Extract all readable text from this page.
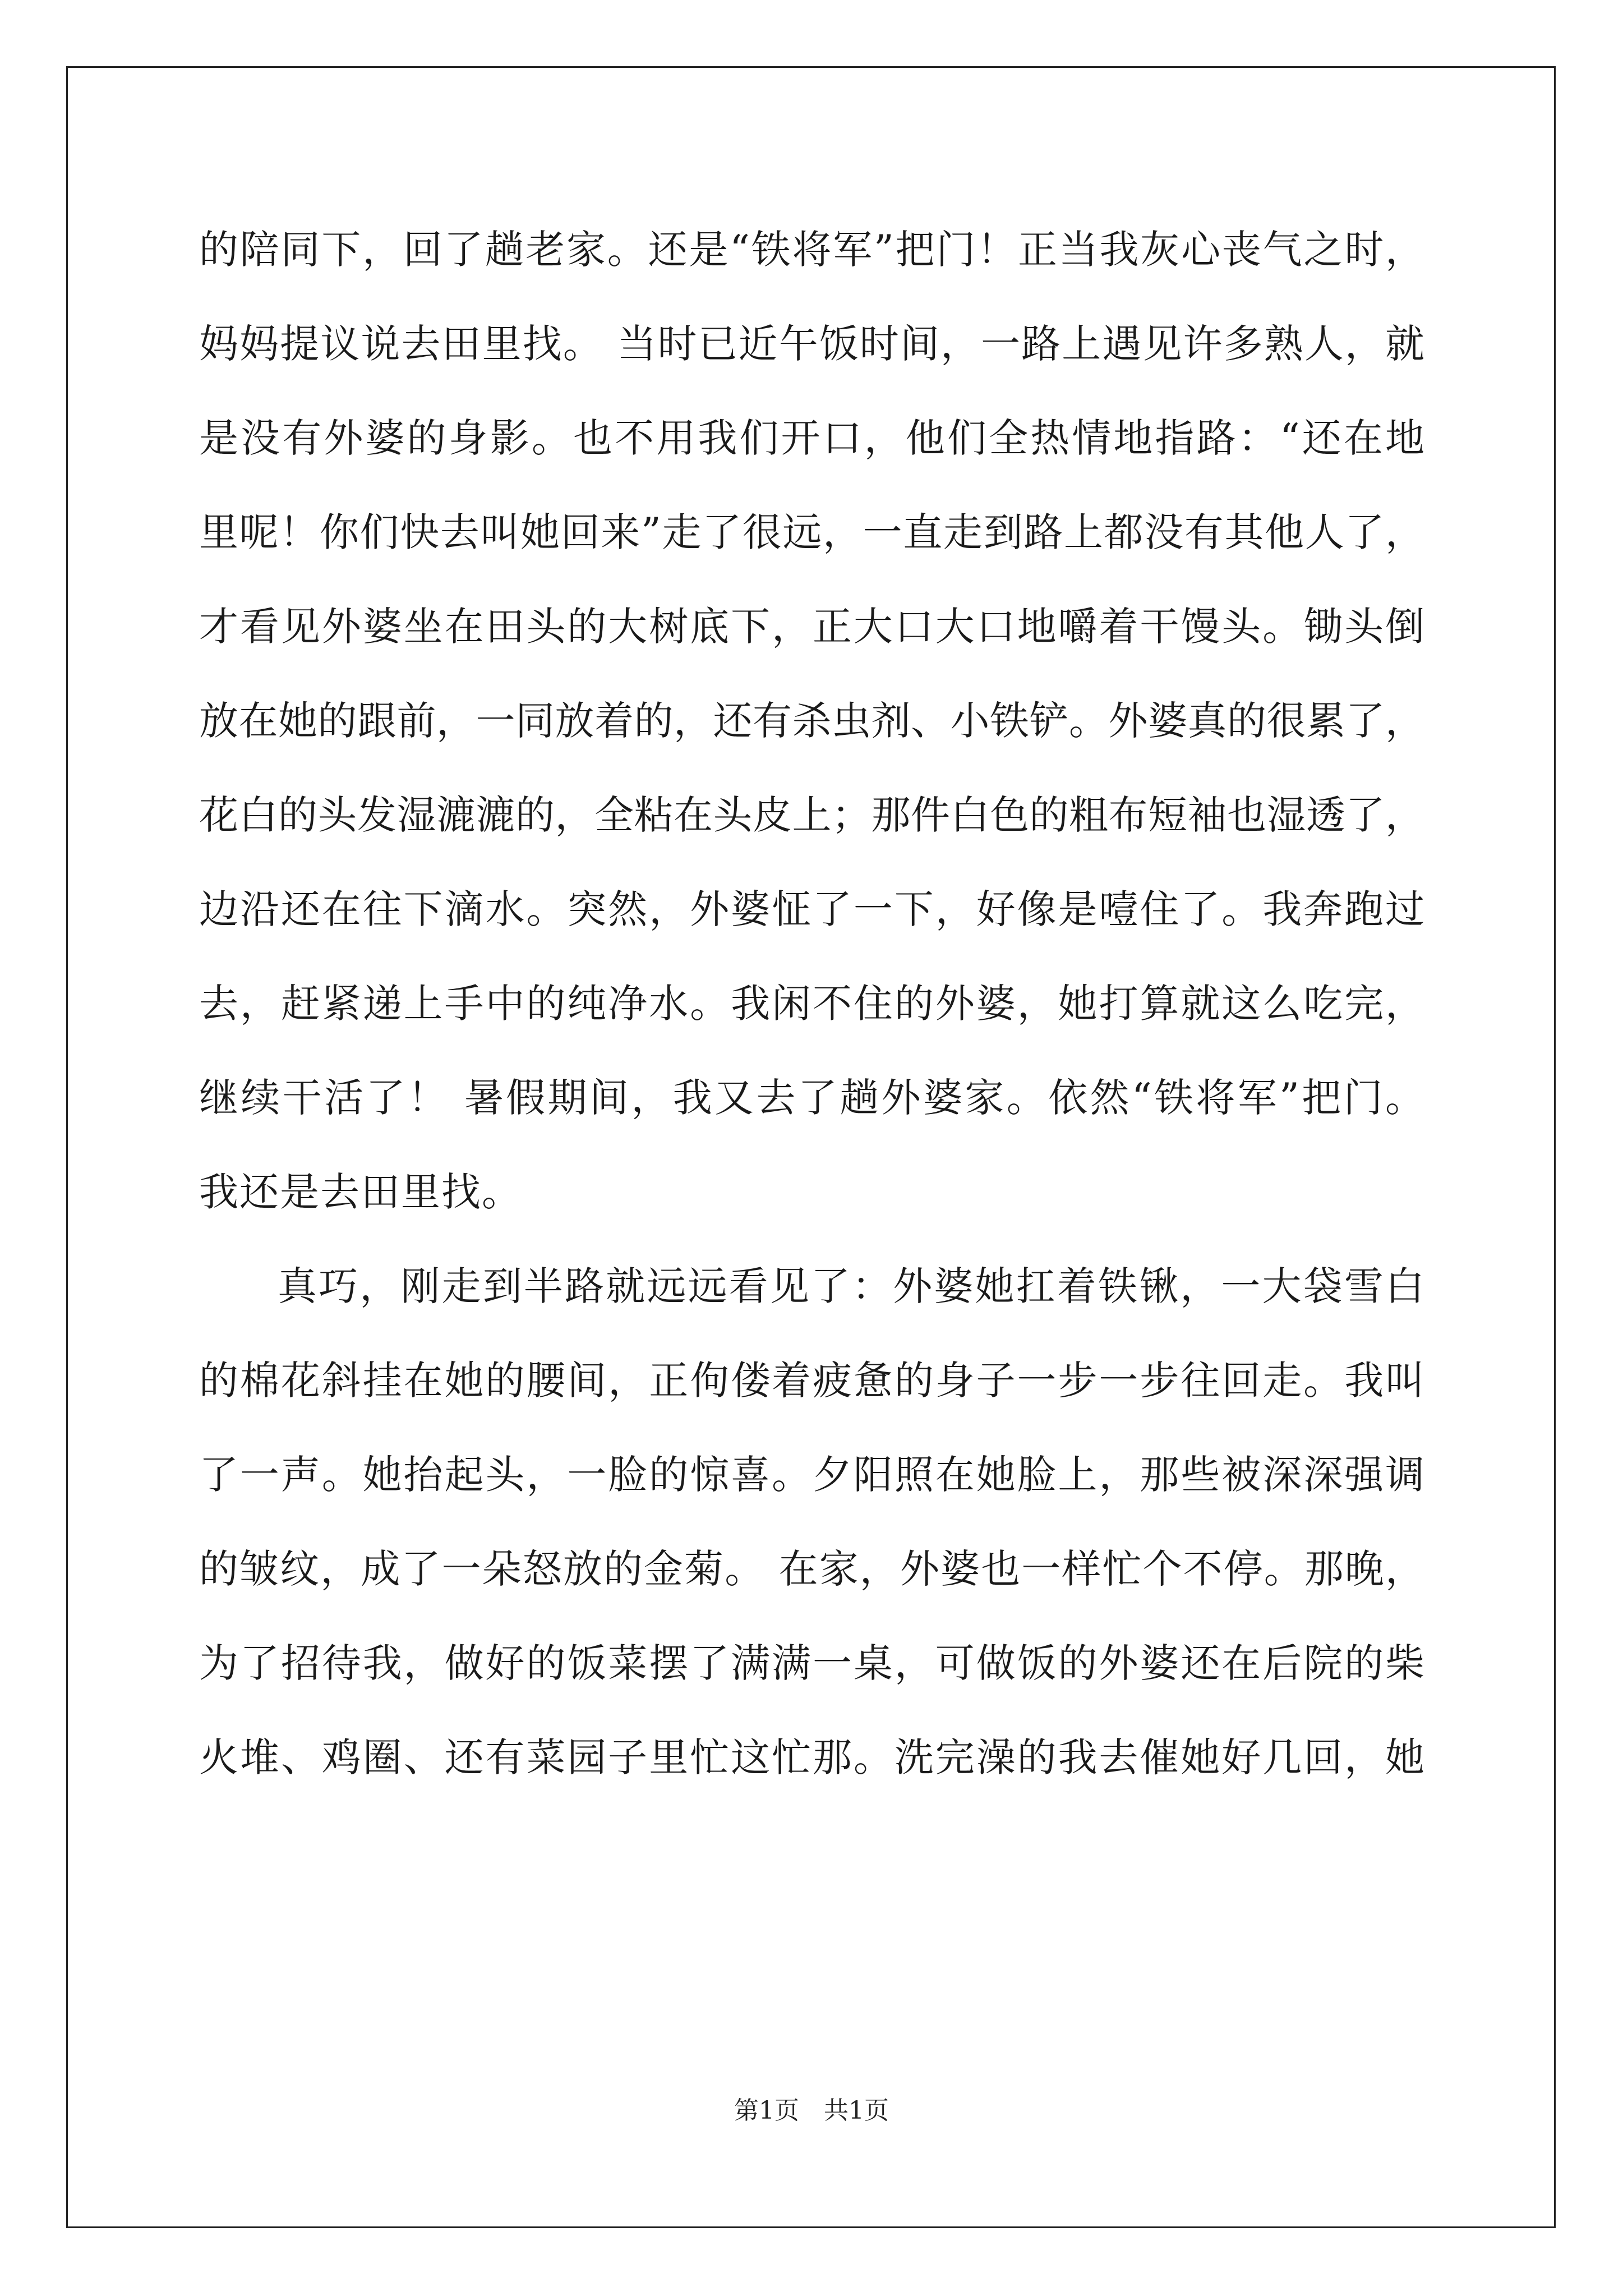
的陪同下，回了趟老家。还是“铁将军”把门！正当我灰心丧气之时，
妈妈提议说去田里找。 当时已近午饭时间，一路上遇见许多熟人，就
是没有外婆的身影。也不用我们开口，他们全热情地指路：“还在地
里呢！你们快去叫她回来”走了很远，一直走到路上都没有其他人了，
才看见外婆坐在田头的大树底下，正大口大口地嚼着干馒头。锄头倒
放在她的跟前，一同放着的，还有杀虫剂、小铁铲。外婆真的很累了，
花白的头发湿漉漉的，全粘在头皮上；那件白色的粗布短袖也湿透了，
边沿还在往下滴水。突然，外婆怔了一下，好像是噎住了。我奔跑过
去，赶紧递上手中的纯净水。我闲不住的外婆，她打算就这么吃完，
继续干活了！ 暑假期间，我又去了趟外婆家。依然“铁将军”把门。
我还是去田里找。
真巧，刚走到半路就远远看见了：外婆她扛着铁锹，一大袋雪白
的棉花斜挂在她的腰间，正佝偻着疲惫的身子一步一步往回走。我叫
了一声。她抬起头，一脸的惊喜。夕阳照在她脸上，那些被深深强调
的皱纹，成了一朵怒放的金菊。 在家，外婆也一样忙个不停。那晚，
为了招待我，做好的饭菜摆了满满一桌，可做饭的外婆还在后院的柴
火堆、鸡圈、还有菜园子里忙这忙那。洗完澡的我去催她好几回，她
第1页　共1页
